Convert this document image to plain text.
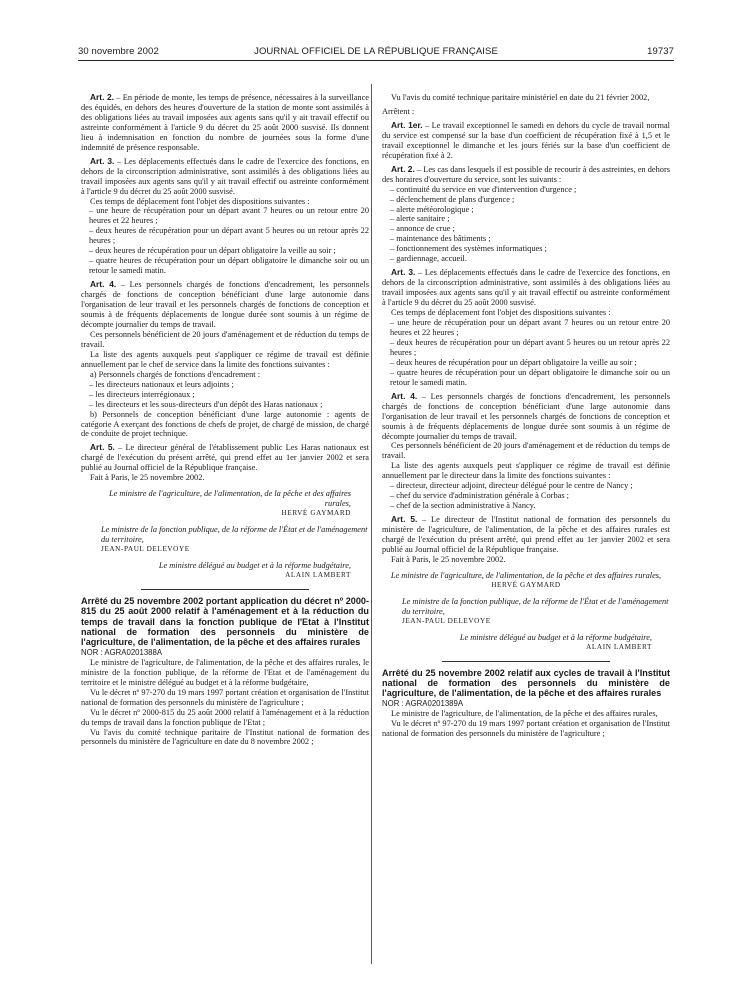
30 novembre 2002	JOURNAL OFFICIEL DE LA RÉPUBLIQUE FRANÇAISE	19737

Art. 2. – En période de monte, les temps de présence, nécessaires à la surveillance des équidés, en dehors des heures d'ouverture de la station de monte sont assimilés à des obligations liées au travail imposées aux agents sans qu'il y ait travail effectif ou astreinte conformément à l'article 9 du décret du 25 août 2000 susvisé. Ils donnent lieu à indemnisation en fonction du nombre de journées sous la forme d'une indemnité de présence responsable.

Art. 3. – Les déplacements effectués dans le cadre de l'exercice des fonctions, en dehors de la circonscription administrative, sont assimilés à des obligations liées au travail imposées aux agents sans qu'il y ait travail effectif ou astreinte conformément à l'article 9 du décret du 25 août 2000 susvisé.

Ces temps de déplacement font l'objet des dispositions suivantes :

– une heure de récupération pour un départ avant 7 heures ou un retour entre 20 heures et 22 heures ;

– deux heures de récupération pour un départ avant 5 heures ou un retour après 22 heures ;

– deux heures de récupération pour un départ obligatoire la veille au soir ;

– quatre heures de récupération pour un départ obligatoire le dimanche soir ou un retour le samedi matin.

Art. 4. – Les personnels chargés de fonctions d'encadrement, les personnels chargés de fonctions de conception bénéficiant d'une large autonomie dans l'organisation de leur travail et les personnels chargés de fonctions de conception et soumis à de fréquents déplacements de longue durée sont soumis à un régime de décompte journalier du temps de travail.

Ces personnels bénéficient de 20 jours d'aménagement et de réduction du temps de travail.

La liste des agents auxquels peut s'appliquer ce régime de travail est définie annuellement par le chef de service dans la limite des fonctions suivantes :

a) Personnels chargés de fonctions d'encadrement :

– les directeurs nationaux et leurs adjoints ;

– les directeurs interrégionaux ;

– les directeurs et les sous-directeurs d'un dépôt des Haras nationaux ;

b) Personnels de conception bénéficiant d'une large autonomie : agents de catégorie A exerçant des fonctions de chefs de projet, de chargé de mission, de chargé de conduite de projet technique.

Art. 5. – Le directeur général de l'établissement public Les Haras nationaux est chargé de l'exécution du présent arrêté, qui prend effet au 1er janvier 2002 et sera publié au Journal officiel de la République française.

Fait à Paris, le 25 novembre 2002.

Le ministre de l'agriculture, de l'alimentation, de la pêche et des affaires rurales,
HERVÉ GAYMARD
Le ministre de la fonction publique, de la réforme de l'État et de l'aménagement du territoire,
JEAN-PAUL DELEVOYE
Le ministre délégué au budget et à la réforme budgétaire,
ALAIN LAMBERT

Arrêté du 25 novembre 2002 portant application du décret nº 2000-815 du 25 août 2000 relatif à l'aménagement et à la réduction du temps de travail dans la fonction publique de l'Etat à l'Institut national de formation des personnels du ministère de l'agriculture, de l'alimentation, de la pêche et des affaires rurales

NOR : AGRA0201388A

Le ministre de l'agriculture, de l'alimentation, de la pêche et des affaires rurales, le ministre de la fonction publique, de la réforme de l'Etat et de l'aménagement du territoire et le ministre délégué au budget et à la réforme budgétaire,

Vu le décret nº 97-270 du 19 mars 1997 portant création et organisation de l'Institut national de formation des personnels du ministère de l'agriculture ;

Vu le décret nº 2000-815 du 25 août 2000 relatif à l'aménagement et à la réduction du temps de travail dans la fonction publique de l'Etat ;

Vu l'avis du comité technique paritaire de l'Institut national de formation des personnels du ministère de l'agriculture en date du 8 novembre 2002 ;

Vu l'avis du comité technique paritaire ministériel en date du 21 février 2002,

Arrêtent :

Art. 1er. – Le travail exceptionnel le samedi en dehors du cycle de travail normal du service est compensé sur la base d'un coefficient de récupération fixé à 1,5 et le travail exceptionnel le dimanche et les jours fériés sur la base d'un coefficient de récupération fixé à 2.

Art. 2. – Les cas dans lesquels il est possible de recourir à des astreintes, en dehors des horaires d'ouverture du service, sont les suivants :

– continuité du service en vue d'intervention d'urgence ;

– déclenchement de plans d'urgence ;

– alerte météorologique ;

– alerte sanitaire ;

– annonce de crue ;

– maintenance des bâtiments ;

– fonctionnement des systèmes informatiques ;

– gardiennage, accueil.

Art. 3. – Les déplacements effectués dans le cadre de l'exercice des fonctions, en dehors de la circonscription administrative, sont assimilés à des obligations liées au travail imposées aux agents sans qu'il y ait travail effectif ou astreinte conformément à l'article 9 du décret du 25 août 2000 susvisé.

Ces temps de déplacement font l'objet des dispositions suivantes :

– une heure de récupération pour un départ avant 7 heures ou un retour entre 20 heures et 22 heures ;

– deux heures de récupération pour un départ avant 5 heures ou un retour après 22 heures ;

– deux heures de récupération pour un départ obligatoire la veille au soir ;

– quatre heures de récupération pour un départ obligatoire le dimanche soir ou un retour le samedi matin.

Art. 4. – Les personnels chargés de fonctions d'encadrement, les personnels chargés de fonctions de conception bénéficiant d'une large autonomie dans l'organisation de leur travail et les personnels chargés de fonctions de conception et soumis à de fréquents déplacements de longue durée sont soumis à un régime de décompte journalier du temps de travail.

Ces personnels bénéficient de 20 jours d'aménagement et de réduction du temps de travail.

La liste des agents auxquels peut s'appliquer ce régime de travail est définie annuellement par le directeur dans la limite des fonctions suivantes :

– directeur, directeur adjoint, directeur délégué pour le centre de Nancy ;

– chef du service d'administration générale à Corbas ;

– chef de la section administrative à Nancy.

Art. 5. – Le directeur de l'Institut national de formation des personnels du ministère de l'agriculture, de l'alimentation, de la pêche et des affaires rurales est chargé de l'exécution du présent arrêté, qui prend effet au 1er janvier 2002 et sera publié au Journal officiel de la République française.

Fait à Paris, le 25 novembre 2002.

Le ministre de l'agriculture, de l'alimentation, de la pêche et des affaires rurales,
HERVÉ GAYMARD
Le ministre de la fonction publique, de la réforme de l'État et de l'aménagement du territoire,
JEAN-PAUL DELEVOYE
Le ministre délégué au budget et à la réforme budgétaire,
ALAIN LAMBERT

Arrêté du 25 novembre 2002 relatif aux cycles de travail à l'Institut national de formation des personnels du ministère de l'agriculture, de l'alimentation, de la pêche et des affaires rurales

NOR : AGRA0201389A

Le ministre de l'agriculture, de l'alimentation, de la pêche et des affaires rurales,

Vu le décret nº 97-270 du 19 mars 1997 portant création et organisation de l'Institut national de formation des personnels du ministère de l'agriculture ;
